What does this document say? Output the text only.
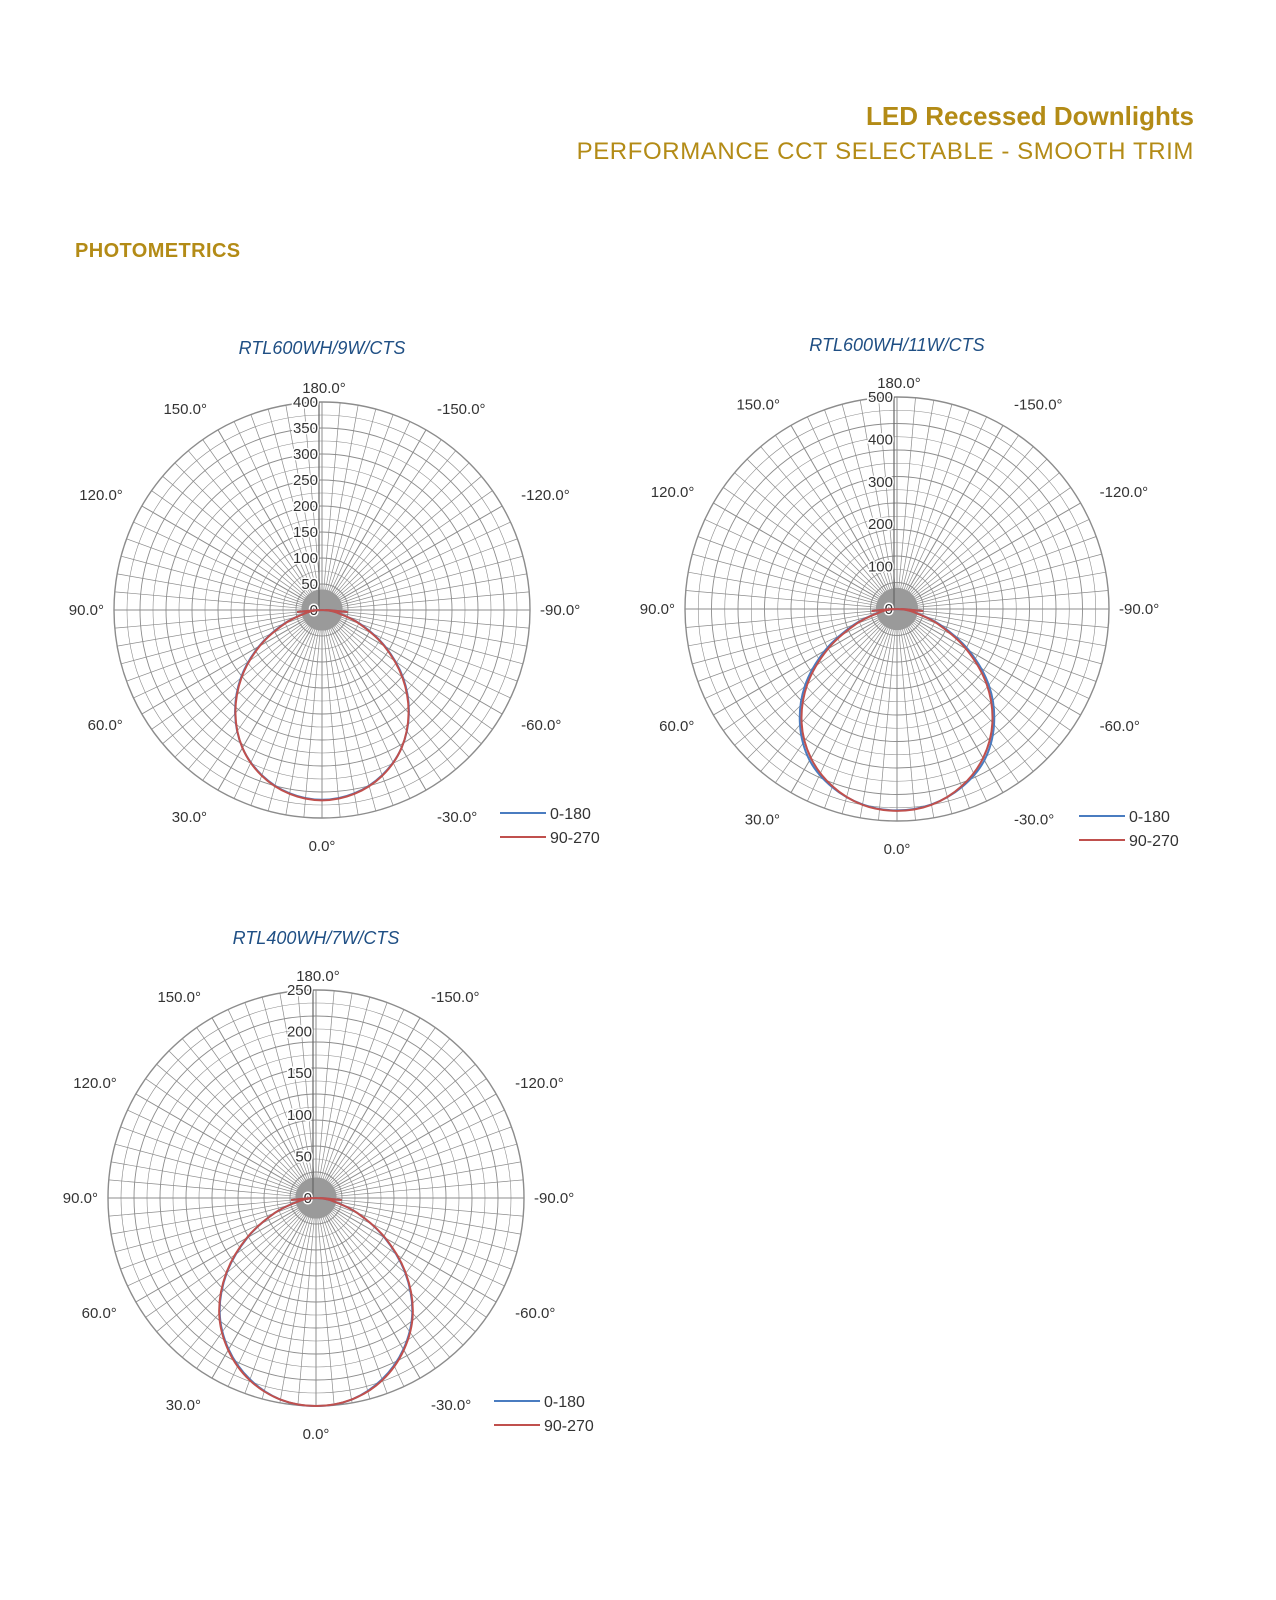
LED Recessed Downlights
PERFORMANCE CCT SELECTABLE - SMOOTH TRIM
PHOTOMETRICS
RTL600WH/9W/CTS
0
50
100
150
200
250
300
350
400
180.0°
150.0°	-150.0°
120.0°	-120.0°
90.0°	-90.0°
60.0°	-60.0°
30.0°	-30.0°
0.0°
0-180
90-270
RTL600WH/11W/CTS
0
100
200
300
400
500
180.0°
150.0°	-150.0°
120.0°	-120.0°
90.0°	-90.0°
60.0°	-60.0°
30.0°	-30.0°
0.0°
0-180
90-270
RTL400WH/7W/CTS
0
50
100
150
200
250
180.0°
150.0°	-150.0°
120.0°	-120.0°
90.0°	-90.0°
60.0°	-60.0°
30.0°	-30.0°
0.0°
0-180
90-270
